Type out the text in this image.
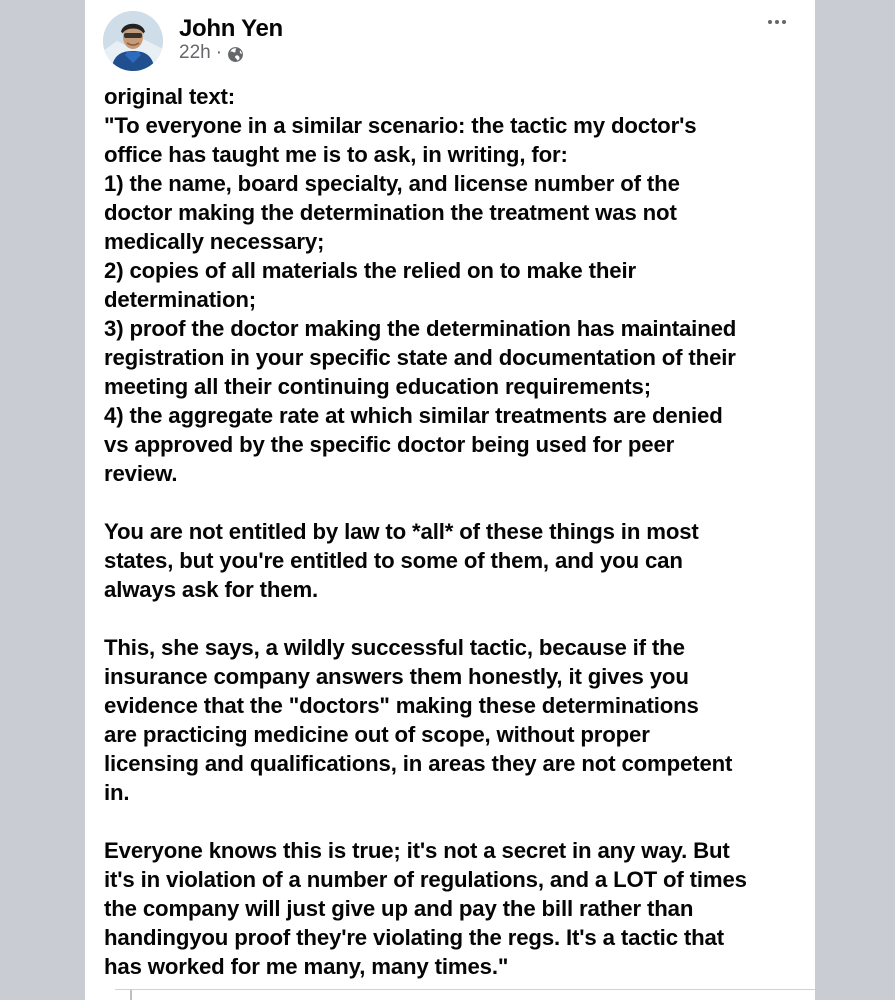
John Yen
22h ·
original text:
"To everyone in a similar scenario: the tactic my doctor's
office has taught me is to ask, in writing, for:
1) the name, board specialty, and license number of the
doctor making the determination the treatment was not
medically necessary;
2) copies of all materials the relied on to make their
determination;
3) proof the doctor making the determination has maintained
registration in your specific state and documentation of their
meeting all their continuing education requirements;
4) the aggregate rate at which similar treatments are denied
vs approved by the specific doctor being used for peer
review.
You are not entitled by law to *all* of these things in most
states, but you're entitled to some of them, and you can
always ask for them.
This, she says, a wildly successful tactic, because if the
insurance company answers them honestly, it gives you
evidence that the "doctors" making these determinations
are practicing medicine out of scope, without proper
licensing and qualifications, in areas they are not competent
in.
Everyone knows this is true; it's not a secret in any way. But
it's in violation of a number of regulations, and a LOT of times
the company will just give up and pay the bill rather than
handingyou proof they're violating the regs. It's a tactic that
has worked for me many, many times."
